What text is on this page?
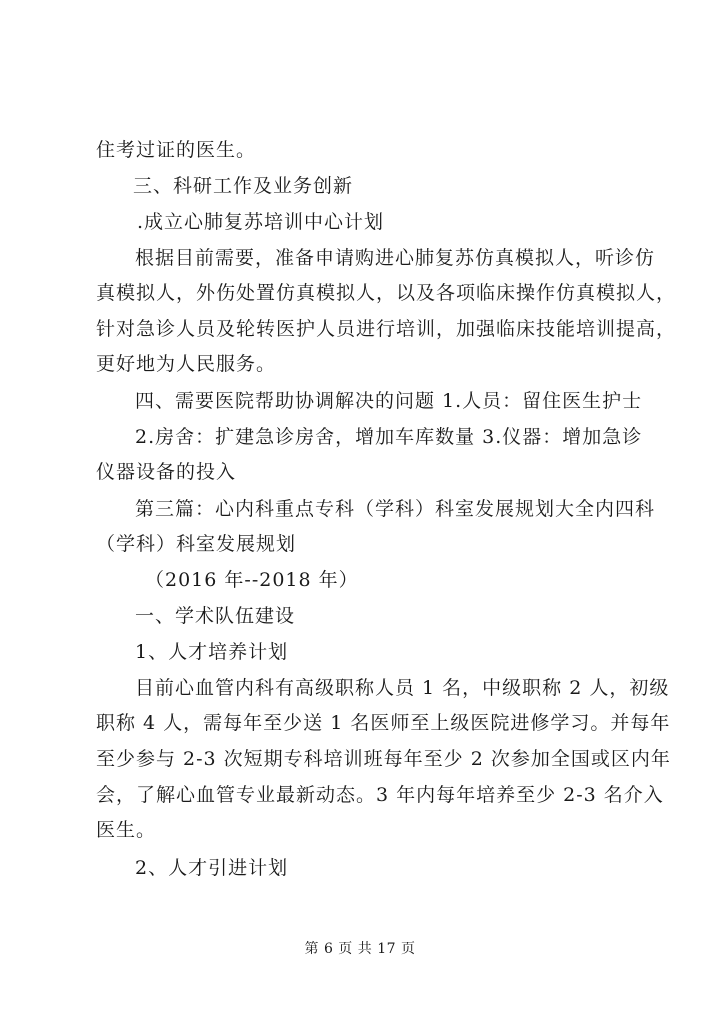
住考过证的医生。
三、科研工作及业务创新
.成立心肺复苏培训中心计划
根据目前需要，准备申请购进心肺复苏仿真模拟人，听诊仿
真模拟人，外伤处置仿真模拟人，以及各项临床操作仿真模拟人，
针对急诊人员及轮转医护人员进行培训，加强临床技能培训提高，
更好地为人民服务。
四、需要医院帮助协调解决的问题 1.人员：留住医生护士
2.房舍：扩建急诊房舍，增加车库数量 3.仪器：增加急诊
仪器设备的投入
第三篇：心内科重点专科（学科）科室发展规划大全内四科
（学科）科室发展规划
（2016 年--2018 年）
一、学术队伍建设
1、人才培养计划
目前心血管内科有高级职称人员 1 名，中级职称 2 人，初级
职称 4 人，需每年至少送 1 名医师至上级医院进修学习。并每年
至少参与 2-3 次短期专科培训班每年至少 2 次参加全国或区内年
会，了解心血管专业最新动态。3 年内每年培养至少 2-3 名介入
医生。
2、人才引进计划
第 6 页 共 17 页
